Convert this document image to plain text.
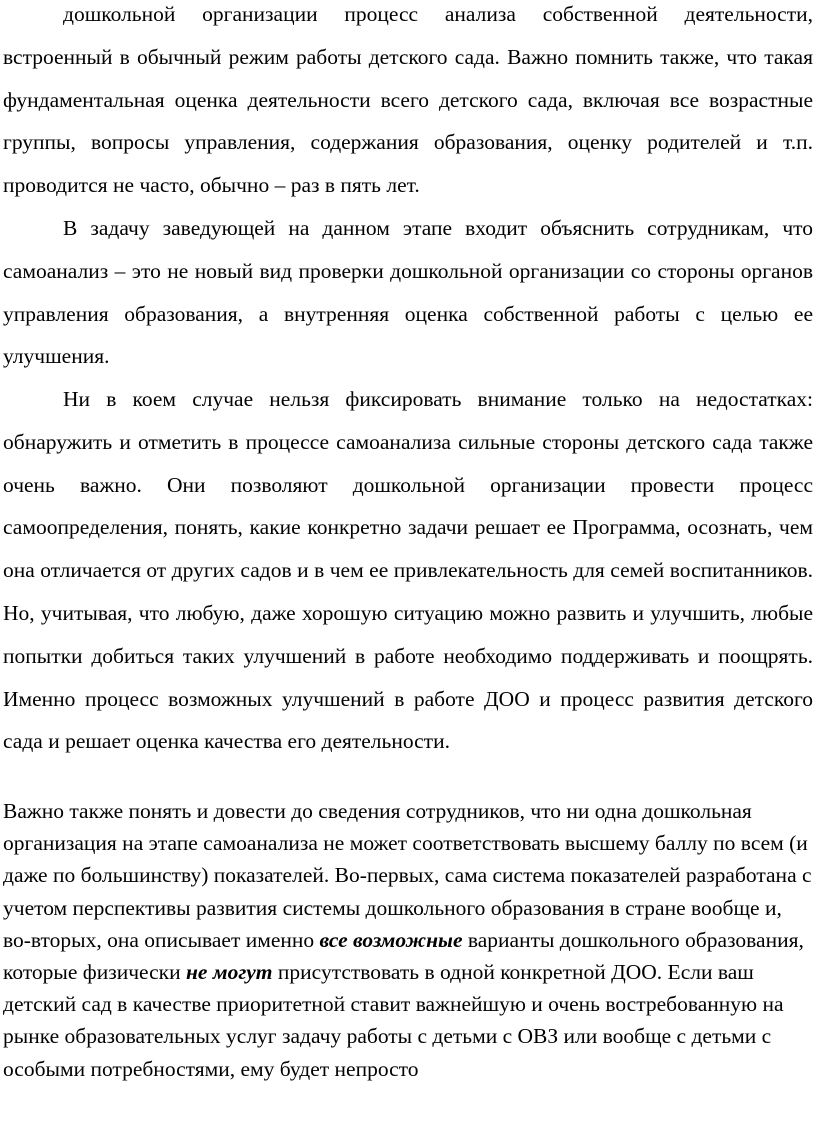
дошкольной организации процесс анализа собственной деятельности, встроенный в обычный режим работы детского сада. Важно помнить также, что такая фундаментальная оценка деятельности всего детского сада, включая все возрастные группы, вопросы управления, содержания образования, оценку родителей и т.п. проводится не часто, обычно – раз в пять лет.

В задачу заведующей на данном этапе входит объяснить сотрудникам, что самоанализ – это не новый вид проверки дошкольной организации со стороны органов управления образования, а внутренняя оценка собственной работы с целью ее улучшения.

Ни в коем случае нельзя фиксировать внимание только на недостатках: обнаружить и отметить в процессе самоанализа сильные стороны детского сада также очень важно. Они позволяют дошкольной организации провести процесс самоопределения, понять, какие конкретно задачи решает ее Программа, осознать, чем она отличается от других садов и в чем ее привлекательность для семей воспитанников. Но, учитывая, что любую, даже хорошую ситуацию можно развить и улучшить, любые попытки добиться таких улучшений в работе необходимо поддерживать и поощрять. Именно процесс возможных улучшений в работе ДОО и процесс развития детского сада и решает оценка качества его деятельности.

Важно также понять и довести до сведения сотрудников, что ни одна дошкольная организация на этапе самоанализа не может соответствовать высшему баллу по всем (и даже по большинству) показателей. Во-первых, сама система показателей разработана с учетом перспективы развития системы дошкольного образования в стране вообще и, во-вторых, она описывает именно все возможные варианты дошкольного образования, которые физически не могут присутствовать в одной конкретной ДОО. Если ваш детский сад в качестве приоритетной ставит важнейшую и очень востребованную на рынке образовательных услуг задачу работы с детьми с ОВЗ или вообще с детьми с особыми потребностями, ему будет непросто
